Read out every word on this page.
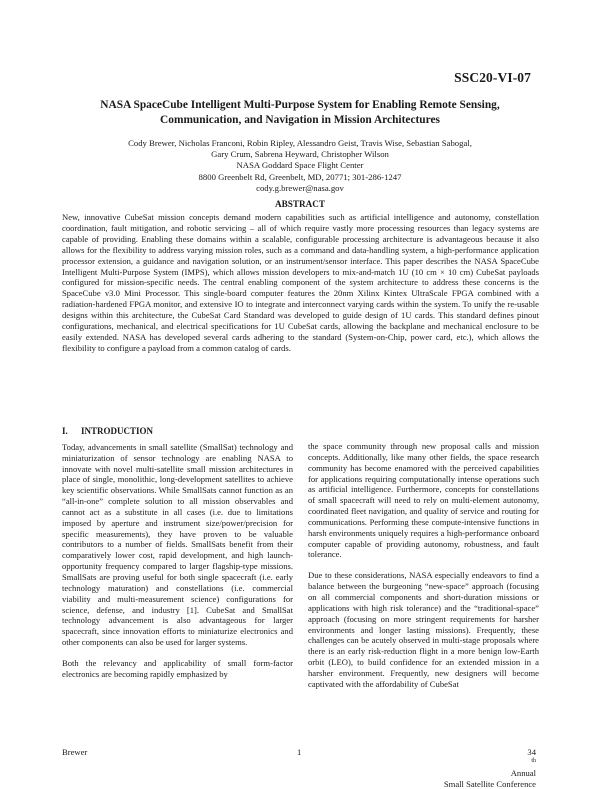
SSC20-VI-07
NASA SpaceCube Intelligent Multi-Purpose System for Enabling Remote Sensing,
Communication, and Navigation in Mission Architectures
Cody Brewer, Nicholas Franconi, Robin Ripley, Alessandro Geist, Travis Wise, Sebastian Sabogal,
Gary Crum, Sabrena Heyward, Christopher Wilson
NASA Goddard Space Flight Center
8800 Greenbelt Rd, Greenbelt, MD, 20771; 301-286-1247
cody.g.brewer@nasa.gov
ABSTRACT

New, innovative CubeSat mission concepts demand modern capabilities such as artificial intelligence and autonomy, constellation coordination, fault mitigation, and robotic servicing – all of which require vastly more processing resources than legacy systems are capable of providing. Enabling these domains within a scalable, configurable processing architecture is advantageous because it also allows for the flexibility to address varying mission roles, such as a command and data-handling system, a high-performance application processor extension, a guidance and navigation solution, or an instrument/sensor interface. This paper describes the NASA SpaceCube Intelligent Multi-Purpose System (IMPS), which allows mission developers to mix-and-match 1U (10 cm × 10 cm) CubeSat payloads configured for mission-specific needs. The central enabling component of the system architecture to address these concerns is the SpaceCube v3.0 Mini Processor. This single-board computer features the 20nm Xilinx Kintex UltraScale FPGA combined with a radiation-hardened FPGA monitor, and extensive IO to integrate and interconnect varying cards within the system. To unify the re-usable designs within this architecture, the CubeSat Card Standard was developed to guide design of 1U cards. This standard defines pinout configurations, mechanical, and electrical specifications for 1U CubeSat cards, allowing the backplane and mechanical enclosure to be easily extended. NASA has developed several cards adhering to the standard (System-on-Chip, power card, etc.), which allows the flexibility to configure a payload from a common catalog of cards.

I. INTRODUCTION

Today, advancements in small satellite (SmallSat) technology and miniaturization of sensor technology are enabling NASA to innovate with novel multi-satellite small mission architectures in place of single, monolithic, long-development satellites to achieve key scientific observations. While SmallSats cannot function as an “all-in-one” complete solution to all mission observables and cannot act as a substitute in all cases (i.e. due to limitations imposed by aperture and instrument size/power/precision for specific measurements), they have proven to be valuable contributors to a number of fields. SmallSats benefit from their comparatively lower cost, rapid development, and high launch-opportunity frequency compared to larger flagship-type missions. SmallSats are proving useful for both single spacecraft (i.e. early technology maturation) and constellations (i.e. commercial viability and multi-measurement science) configurations for science, defense, and industry [1]. CubeSat and SmallSat technology advancement is also advantageous for larger spacecraft, since innovation efforts to miniaturize electronics and other components can also be used for larger systems.

Both the relevancy and applicability of small form-factor electronics are becoming rapidly emphasized by

the space community through new proposal calls and mission concepts. Additionally, like many other fields, the space research community has become enamored with the perceived capabilities for applications requiring computationally intense operations such as artificial intelligence. Furthermore, concepts for constellations of small spacecraft will need to rely on multi-element autonomy, coordinated fleet navigation, and quality of service and routing for communications. Performing these compute-intensive functions in harsh environments uniquely requires a high-performance onboard computer capable of providing autonomy, robustness, and fault tolerance.

Due to these considerations, NASA especially endeavors to find a balance between the burgeoning “new-space” approach (focusing on all commercial components and short-duration missions or applications with high risk tolerance) and the “traditional-space” approach (focusing on more stringent requirements for harsher environments and longer lasting missions). Frequently, these challenges can be acutely observed in multi-stage proposals where there is an early risk-reduction flight in a more benign low-Earth orbit (LEO), to build confidence for an extended mission in a harsher environment. Frequently, new designers will become captivated with the affordability of CubeSat

Brewer	1	34
$^{th}$
Annual
Small Satellite Conference
